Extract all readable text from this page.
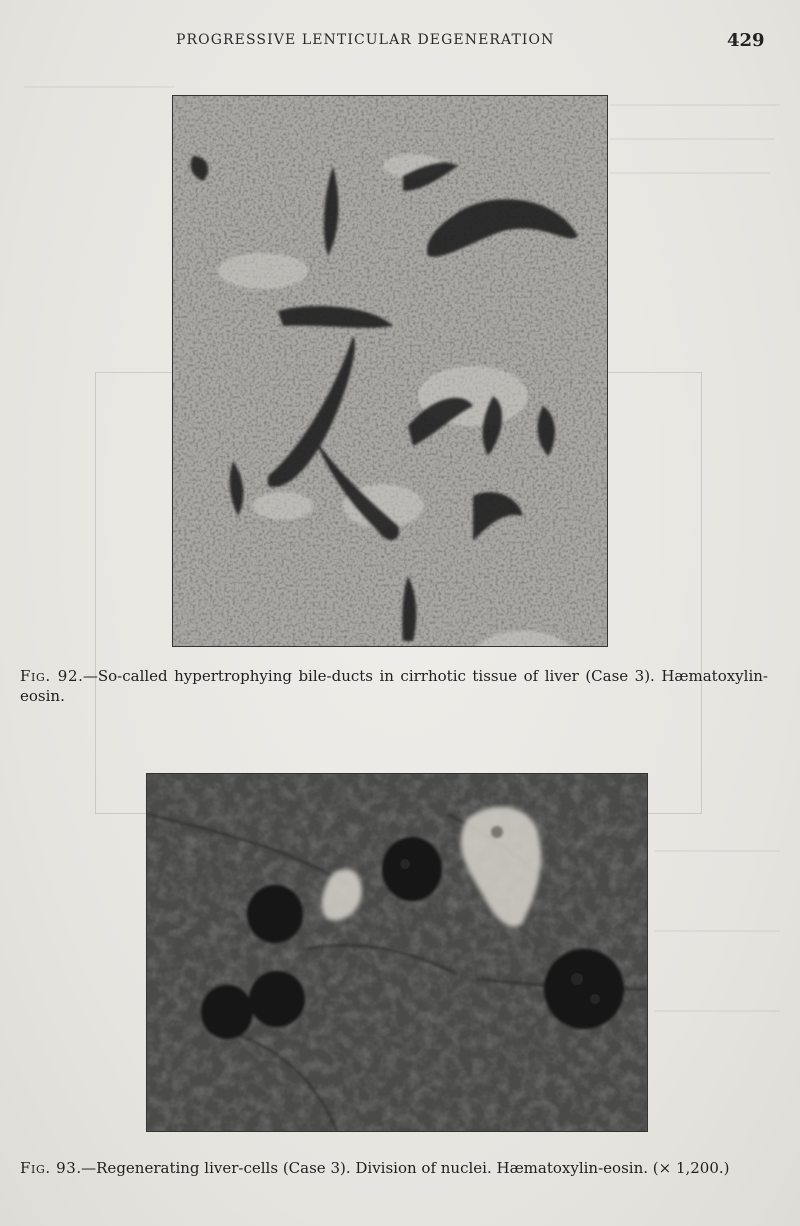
PROGRESSIVE LENTICULAR DEGENERATION	429
Fig. 92.—So-called hypertrophying bile-ducts in cirrhotic tissue of liver (Case 3). Hæmatoxylin-eosin.
Fig. 93.—Regenerating liver-cells (Case 3). Division of nuclei. Hæmatoxylin-eosin. (× 1,200.)
